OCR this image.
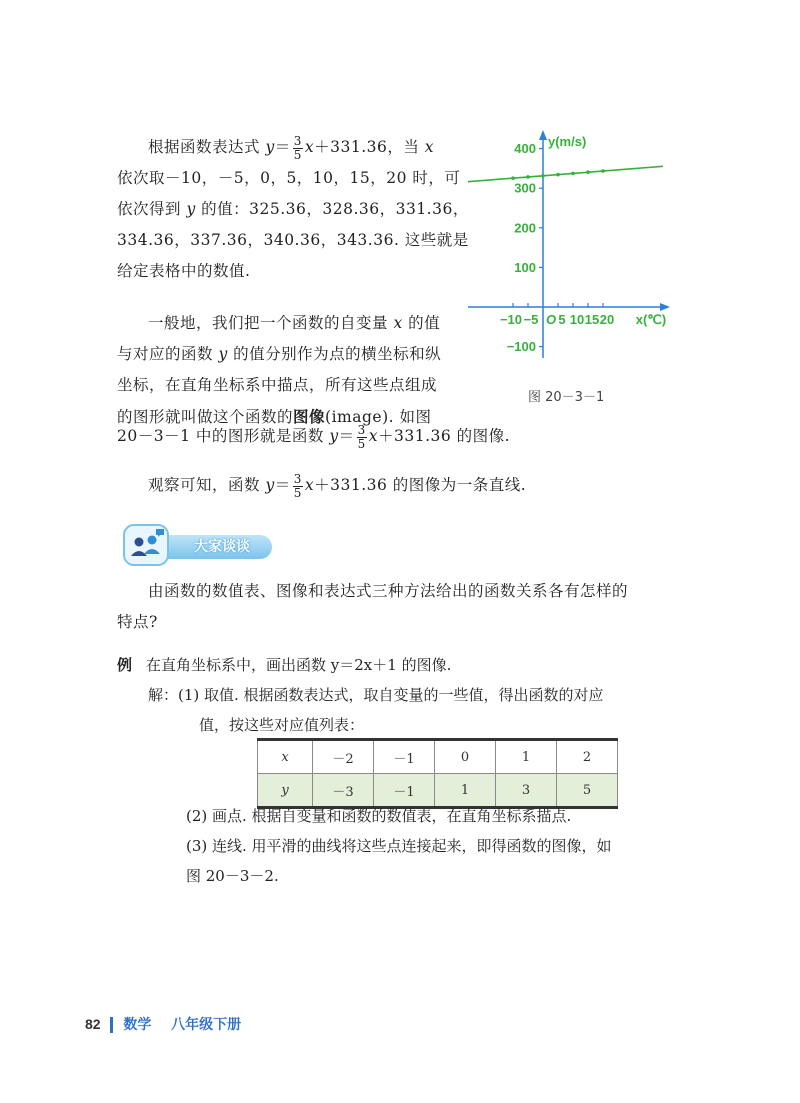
根据函数表达式 $y= \frac{3}{5} x+331.36$，当 x
依次取－10，－5，0，5，10，15，20 时，可
依次得到 y 的值：325.36，328.36，331.36，
334.36，337.36，340.36，343.36. 这些就是
给定表格中的数值.
一般地，我们把一个函数的自变量 x 的值
与对应的函数 y 的值分别作为点的横坐标和纵
坐标，在直角坐标系中描点，所有这些点组成
的图形就叫做这个函数的图像(image). 如图
20－3－1 中的图形就是函数 $y= \frac{3}{5} x+331.36$ 的图像.
观察可知，函数 $y= \frac{3}{5} x+331.36$ 的图像为一条直线.
400
300
200
100
−100
−10 −5 O 5 10 15 20 x(℃)
y(m/s)
图 20－3－1
大家谈谈
由函数的数值表、图像和表达式三种方法给出的函数关系各有怎样的
特点?
例 在直角坐标系中，画出函数 y＝2x＋1 的图像.
解：(1) 取值. 根据函数表达式，取自变量的一些值，得出函数的对应
值，按这些对应值列表：
x	－2	－1	0	1	2
y	－3	－1	1	3	5
(2) 画点. 根据自变量和函数的数值表，在直角坐标系描点.
(3) 连线. 用平滑的曲线将这些点连接起来，即得函数的图像，如
图 20－3－2.
82 数学 八年级下册
